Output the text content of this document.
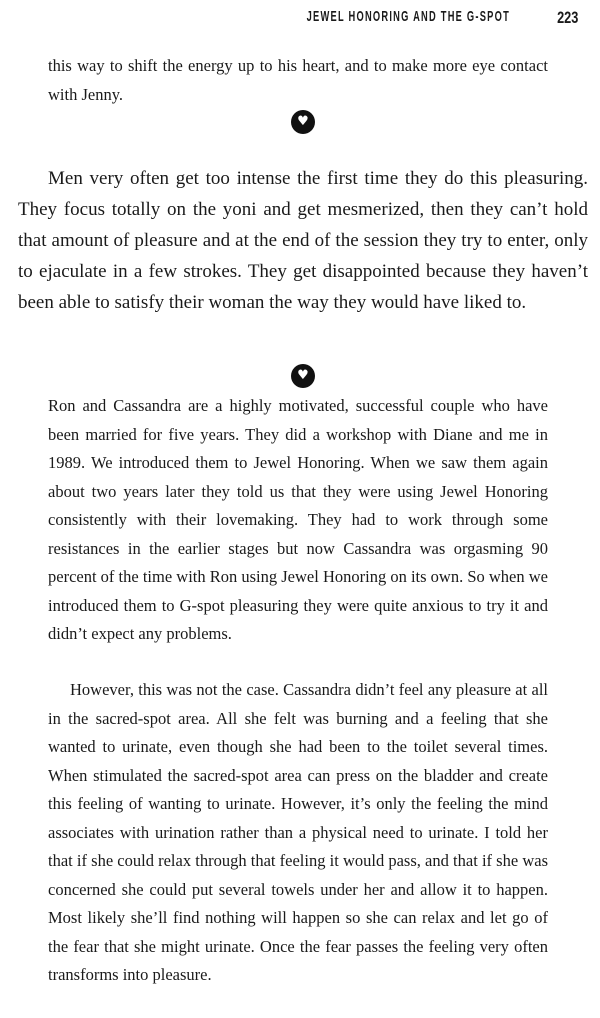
JEWEL HONORING AND THE G-SPOT	223

this way to shift the energy up to his heart, and to make more eye contact with Jenny.

♥

Men very often get too intense the first time they do this pleasuring. They focus totally on the yoni and get mesmerized, then they can’t hold that amount of pleasure and at the end of the session they try to enter, only to ejaculate in a few strokes. They get disappointed because they haven’t been able to satisfy their woman the way they would have liked to.

♥

Ron and Cassandra are a highly motivated, successful couple who have been married for five years. They did a workshop with Diane and me in 1989. We introduced them to Jewel Honoring. When we saw them again about two years later they told us that they were using Jewel Honoring consistently with their lovemaking. They had to work through some resistances in the earlier stages but now Cassandra was orgasming 90 percent of the time with Ron using Jewel Honoring on its own. So when we introduced them to G-spot pleasuring they were quite anxious to try it and didn’t expect any problems.

However, this was not the case. Cassandra didn’t feel any pleasure at all in the sacred-spot area. All she felt was burning and a feeling that she wanted to urinate, even though she had been to the toilet several times. When stimulated the sacred-spot area can press on the bladder and create this feeling of wanting to urinate. However, it’s only the feeling the mind associates with urination rather than a physical need to urinate. I told her that if she could relax through that feeling it would pass, and that if she was concerned she could put several towels under her and allow it to happen. Most likely she’ll find nothing will happen so she can relax and let go of the fear that she might urinate. Once the fear passes the feeling very often transforms into pleasure.
